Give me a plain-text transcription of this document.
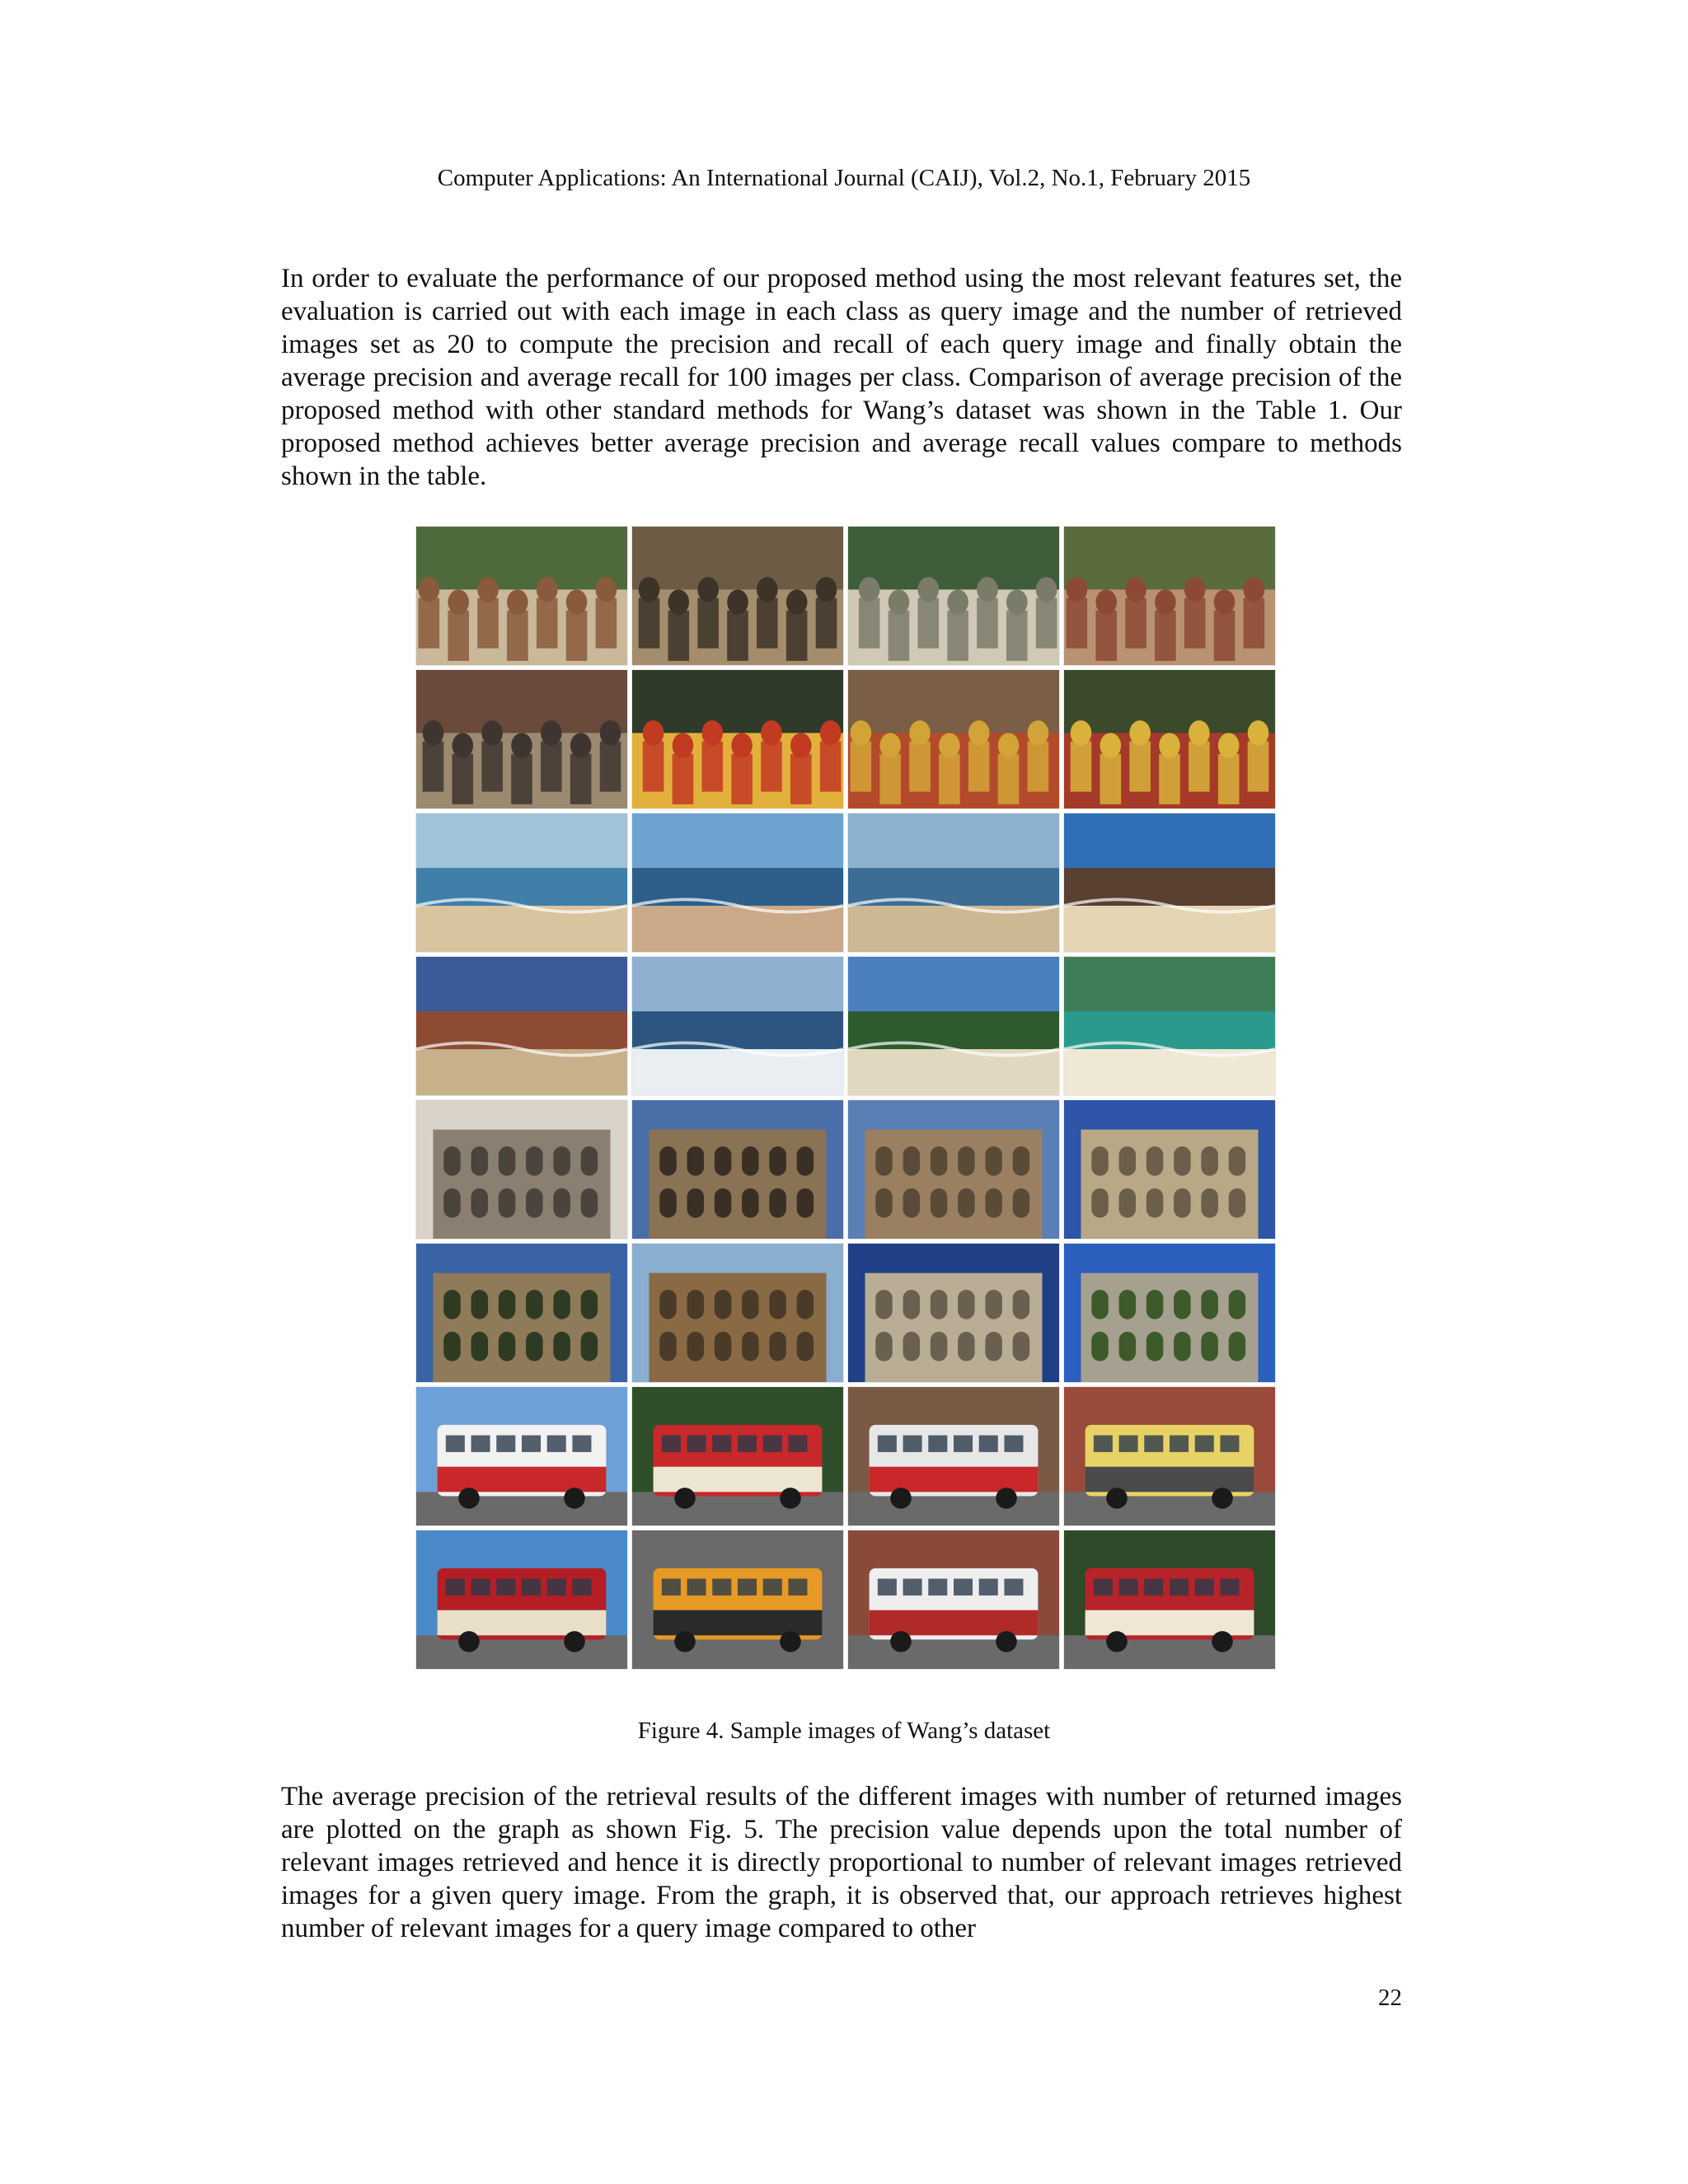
Computer Applications: An International Journal (CAIJ), Vol.2, No.1, February 2015

In order to evaluate the performance of our proposed method using the most relevant features set, the evaluation is carried out with each image in each class as query image and the number of retrieved images set as 20 to compute the precision and recall of each query image and finally obtain the average precision and average recall for 100 images per class. Comparison of average precision of the proposed method with other standard methods for Wang’s dataset was shown in the Table 1. Our proposed method achieves better average precision and average recall values compare to methods shown in the table.

Figure 4. Sample images of Wang’s dataset

The average precision of the retrieval results of the different images with number of returned images are plotted on the graph as shown Fig. 5. The precision value depends upon the total number of relevant images retrieved and hence it is directly proportional to number of relevant images retrieved images for a given query image. From the graph, it is observed that, our approach retrieves highest number of relevant images for a query image compared to other

22
